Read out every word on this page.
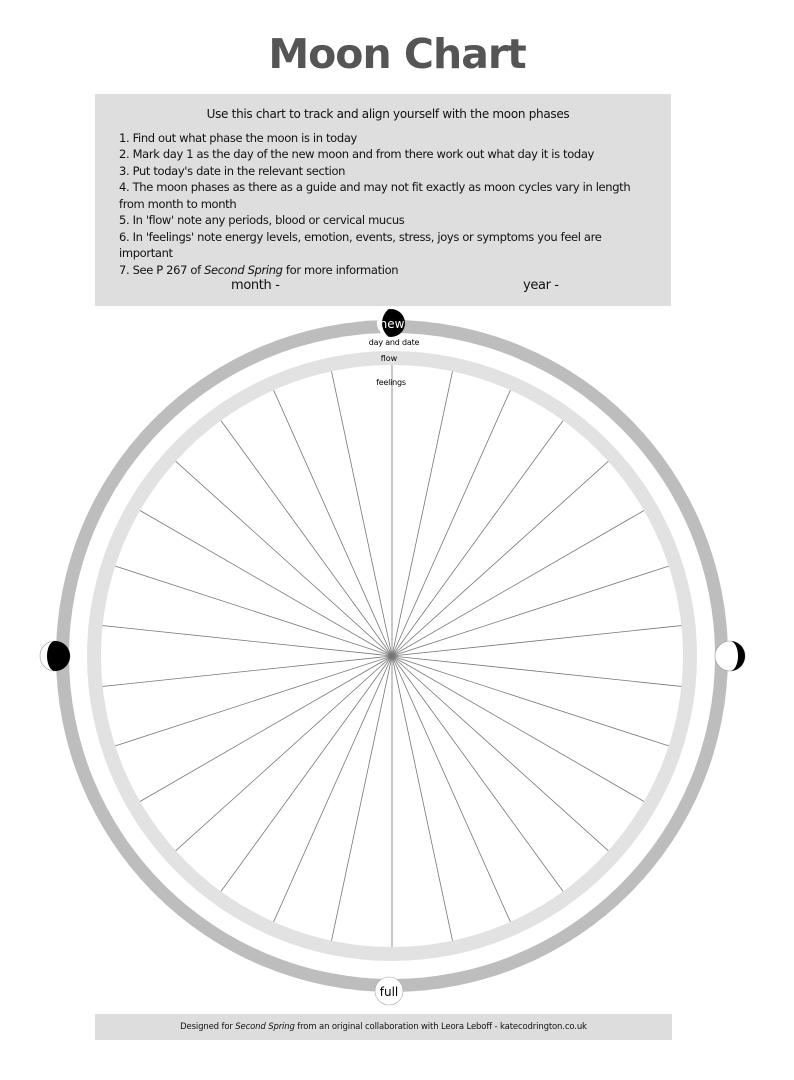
Moon Chart

Use this chart to track and align yourself with the moon phases

1. Find out what phase the moon is in today

2. Mark day 1 as the day of the new moon and from there work out what day it is today

3. Put today's date in the relevant section

4. The moon phases as there as a guide and may not fit exactly as moon cycles vary in length from month to month

5. In 'flow' note any periods, blood or cervical mucus

6. In 'feelings' note energy levels, emotion, events, stress, joys or symptoms you feel are important

7. See P 267 of Second Spring for more information

month -	year -
new
full
day and date
flow
feelings
Designed for Second Spring from an original collaboration with Leora Leboff - katecodrington.co.uk
